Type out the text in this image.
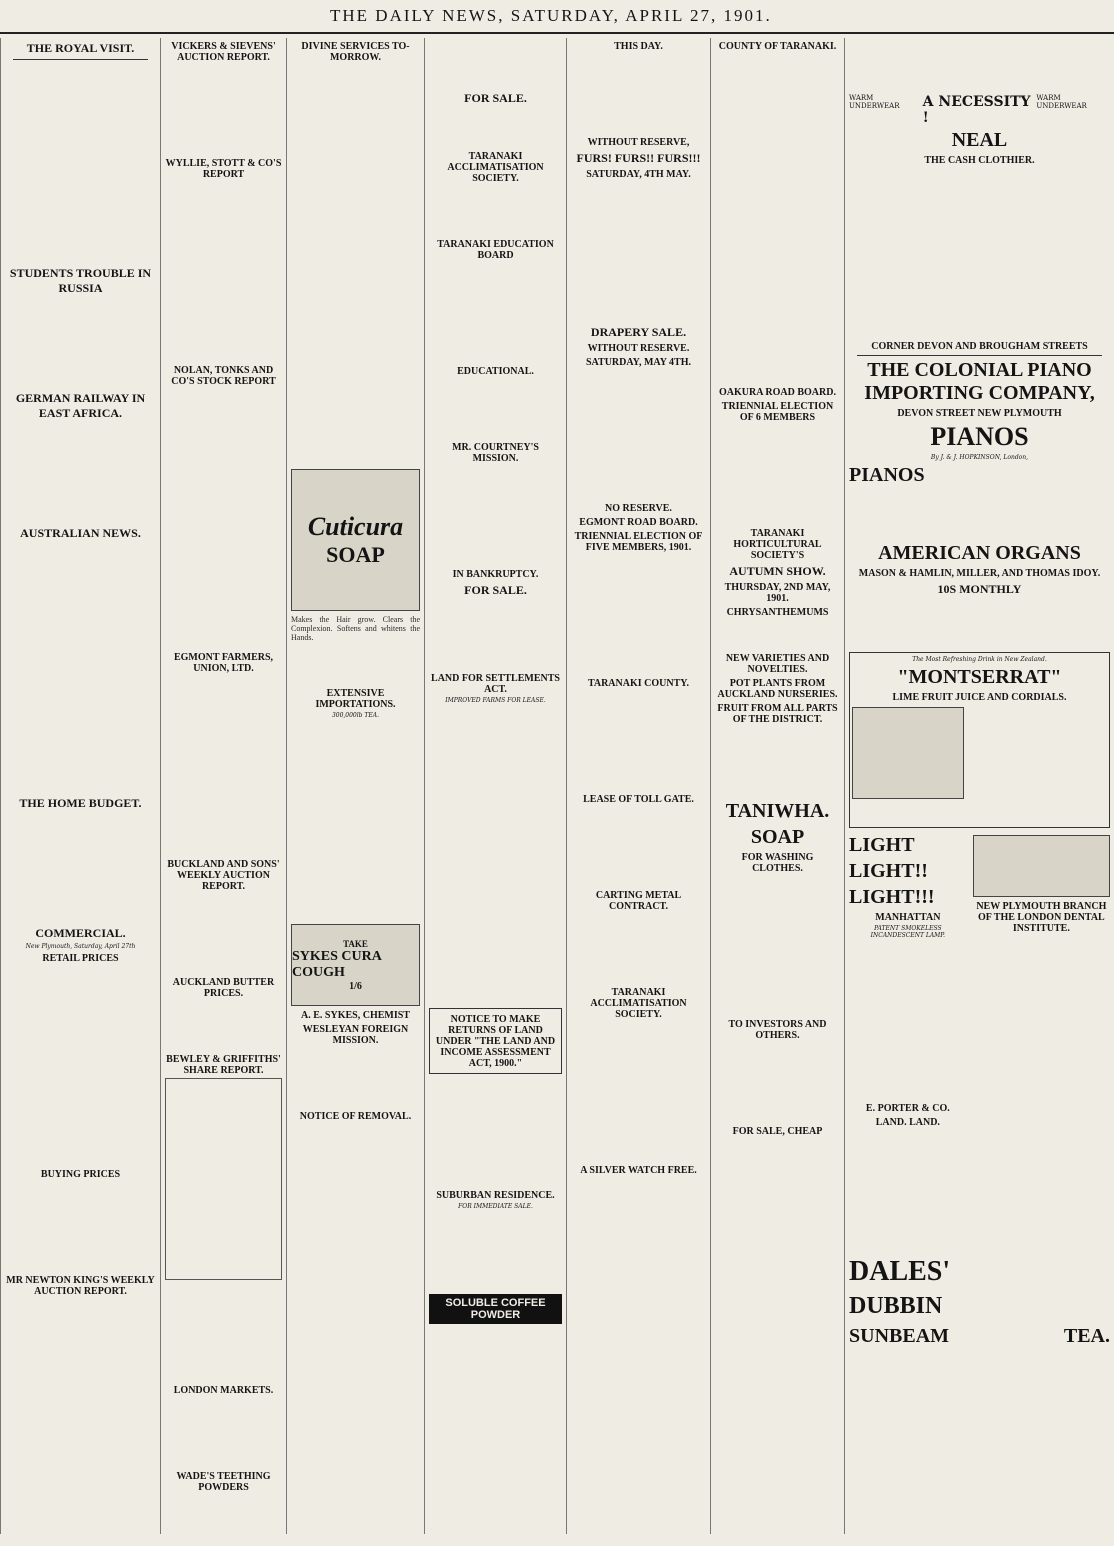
THE DAILY NEWS, SATURDAY, APRIL 27, 1901.
THE ROYAL VISIT.

STUDENTS TROUBLE IN RUSSIA

GERMAN RAILWAY IN EAST AFRICA.

AUSTRALIAN NEWS.

THE HOME BUDGET.

COMMERCIAL.
New Plymouth, Saturday, April 27th
RETAIL PRICES

BUYING PRICES

MR NEWTON KING'S WEEKLY AUCTION REPORT.

VICKERS & SIEVENS' AUCTION REPORT.

WYLLIE, STOTT & CO'S REPORT

NOLAN, TONKS AND CO'S STOCK REPORT

EGMONT FARMERS, UNION, LTD.

BUCKLAND AND SONS' WEEKLY AUCTION REPORT.

AUCKLAND BUTTER PRICES.

BEWLEY & GRIFFITHS' SHARE REPORT.

LONDON MARKETS.

WADE'S TEETHING POWDERS

DIVINE SERVICES TO-MORROW.

Cuticura
SOAP

Makes the Hair grow. Clears the Complexion. Softens and whitens the Hands.

EXTENSIVE IMPORTATIONS.
300,000lb TEA.

TAKE
SYKES CURA COUGH
1/6
A. E. SYKES, CHEMIST
WESLEYAN FOREIGN MISSION.

NOTICE OF REMOVAL.

FOR SALE.

TARANAKI ACCLIMATISATION SOCIETY.

TARANAKI EDUCATION BOARD

EDUCATIONAL.

MR. COURTNEY'S MISSION.

IN BANKRUPTCY.
FOR SALE.

LAND FOR SETTLEMENTS ACT.
IMPROVED FARMS FOR LEASE.

NOTICE TO MAKE RETURNS OF LAND UNDER "THE LAND AND INCOME ASSESSMENT ACT, 1900."

SUBURBAN RESIDENCE.
FOR IMMEDIATE SALE.

SOLUBLE COFFEE POWDER
THIS DAY.

WITHOUT RESERVE,
FURS! FURS!! FURS!!!
SATURDAY, 4TH MAY.

DRAPERY SALE.
WITHOUT RESERVE.
SATURDAY, MAY 4TH.

NO RESERVE.
EGMONT ROAD BOARD.
TRIENNIAL ELECTION OF FIVE MEMBERS, 1901.

TARANAKI COUNTY.

LEASE OF TOLL GATE.

CARTING METAL CONTRACT.

TARANAKI ACCLIMATISATION SOCIETY.

A SILVER WATCH FREE.

COUNTY OF TARANAKI.

OAKURA ROAD BOARD.
TRIENNIAL ELECTION OF 6 MEMBERS

TARANAKI HORTICULTURAL SOCIETY'S
AUTUMN SHOW.
THURSDAY, 2ND MAY, 1901.
CHRYSANTHEMUMS

NEW VARIETIES AND NOVELTIES.
POT PLANTS FROM AUCKLAND NURSERIES.
FRUIT FROM ALL PARTS OF THE DISTRICT.

TANIWHA.
SOAP
FOR WASHING CLOTHES.

TO INVESTORS AND OTHERS.

FOR SALE, CHEAP

WARM UNDERWEAR	A NECESSITY !
WARM UNDERWEAR
NEAL
THE CASH CLOTHIER.

CORNER DEVON AND BROUGHAM STREETS
THE COLONIAL PIANO IMPORTING COMPANY,
DEVON STREET NEW PLYMOUTH
PIANOS
By J. & J. HOPKINSON, London,
PIANOS

AMERICAN ORGANS
MASON & HAMLIN, MILLER, AND THOMAS IDOY.
10S MONTHLY

The Most Refreshing Drink in New Zealand.
"MONTSERRAT"
LIME FRUIT JUICE AND CORDIALS.
LIGHT
LIGHT!!
LIGHT!!!
MANHATTAN
PATENT SMOKELESS INCANDESCENT LAMP.

E. PORTER & CO.
LAND. LAND.

NEW PLYMOUTH BRANCH OF THE LONDON DENTAL INSTITUTE.

DALES'
DUBBIN
SUNBEAM	TEA.
